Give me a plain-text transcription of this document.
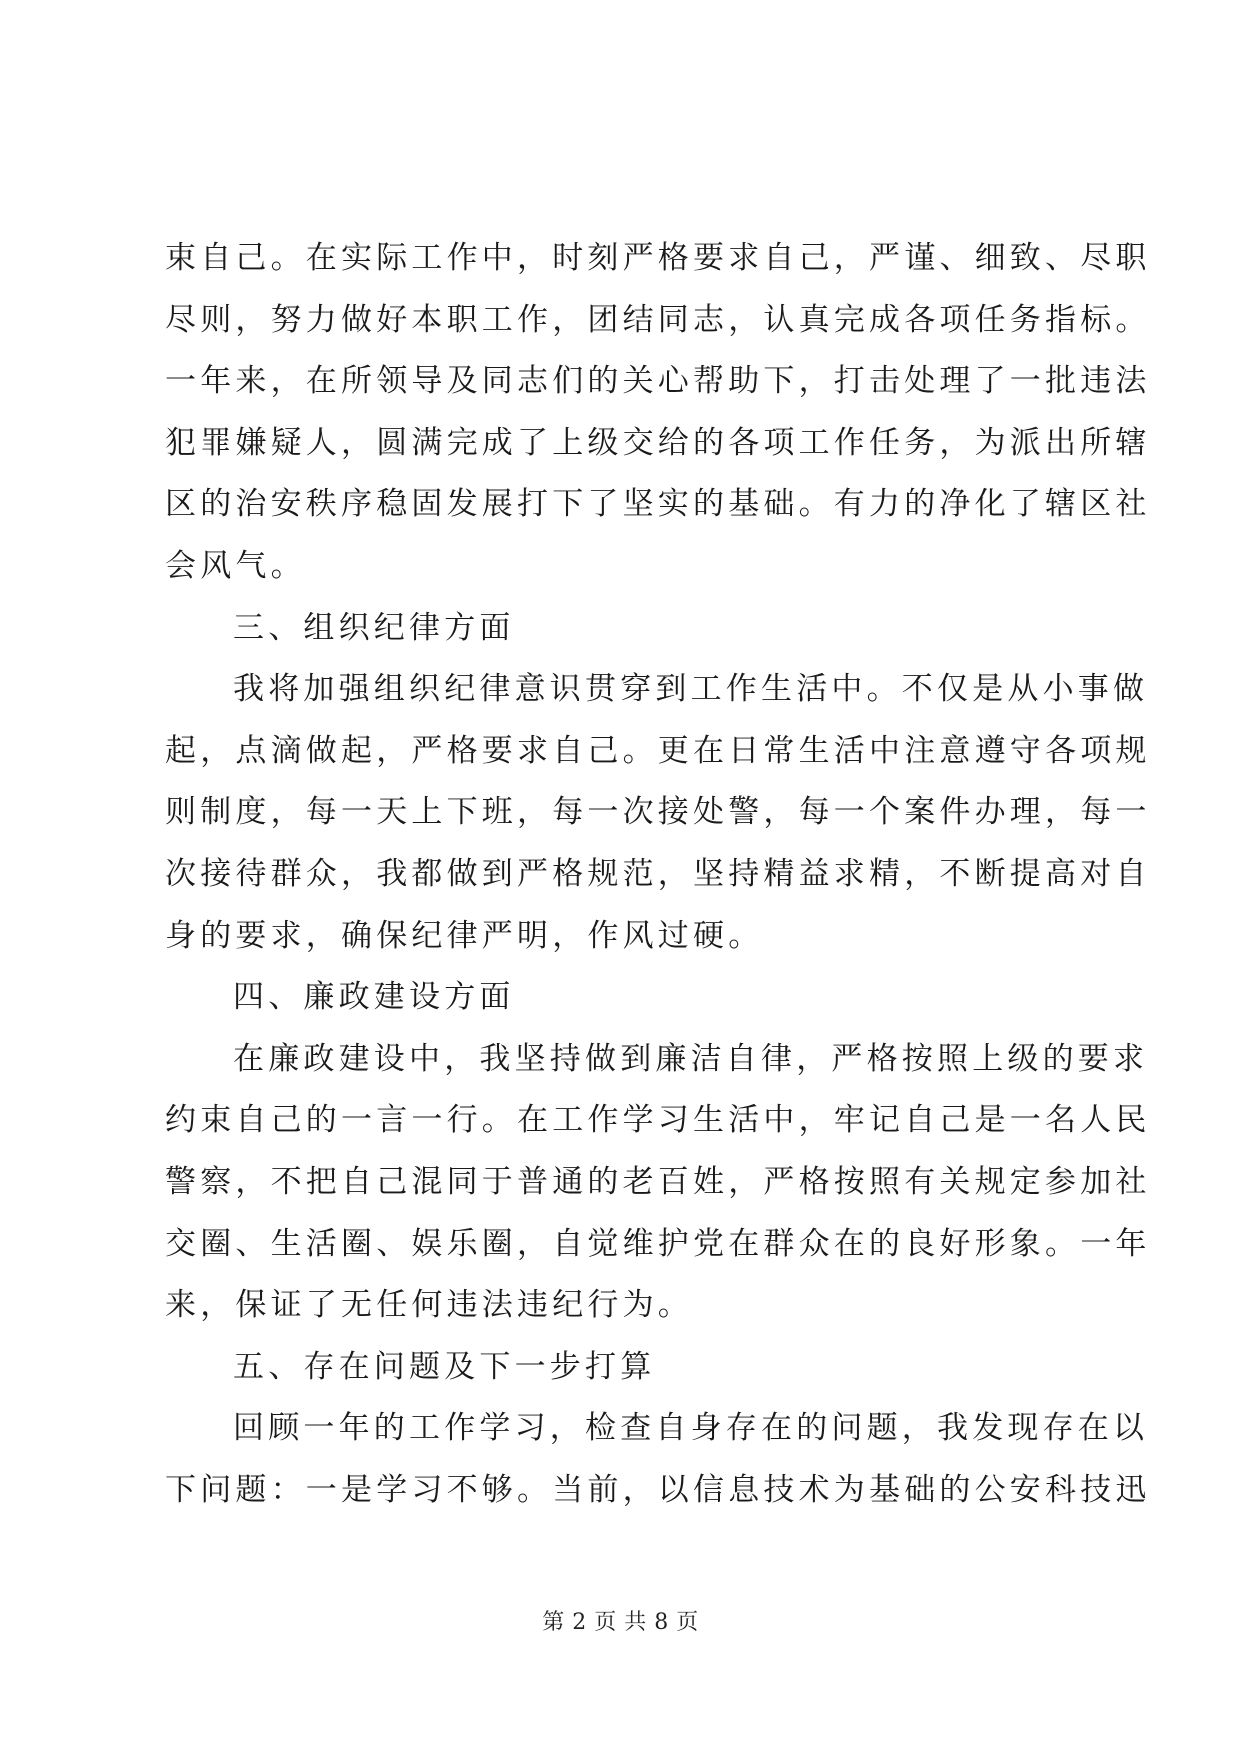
束自己。在实际工作中，时刻严格要求自己，严谨、细致、尽职
尽则，努力做好本职工作，团结同志，认真完成各项任务指标。
一年来，在所领导及同志们的关心帮助下，打击处理了一批违法
犯罪嫌疑人，圆满完成了上级交给的各项工作任务，为派出所辖
区的治安秩序稳固发展打下了坚实的基础。有力的净化了辖区社
会风气。
三、组织纪律方面
我将加强组织纪律意识贯穿到工作生活中。不仅是从小事做
起，点滴做起，严格要求自己。更在日常生活中注意遵守各项规
则制度，每一天上下班，每一次接处警，每一个案件办理，每一
次接待群众，我都做到严格规范，坚持精益求精，不断提高对自
身的要求，确保纪律严明，作风过硬。
四、廉政建设方面
在廉政建设中，我坚持做到廉洁自律，严格按照上级的要求
约束自己的一言一行。在工作学习生活中，牢记自己是一名人民
警察，不把自己混同于普通的老百姓，严格按照有关规定参加社
交圈、生活圈、娱乐圈，自觉维护党在群众在的良好形象。一年
来，保证了无任何违法违纪行为。
五、存在问题及下一步打算
回顾一年的工作学习，检查自身存在的问题，我发现存在以
下问题：一是学习不够。当前，以信息技术为基础的公安科技迅
第 2 页 共 8 页
